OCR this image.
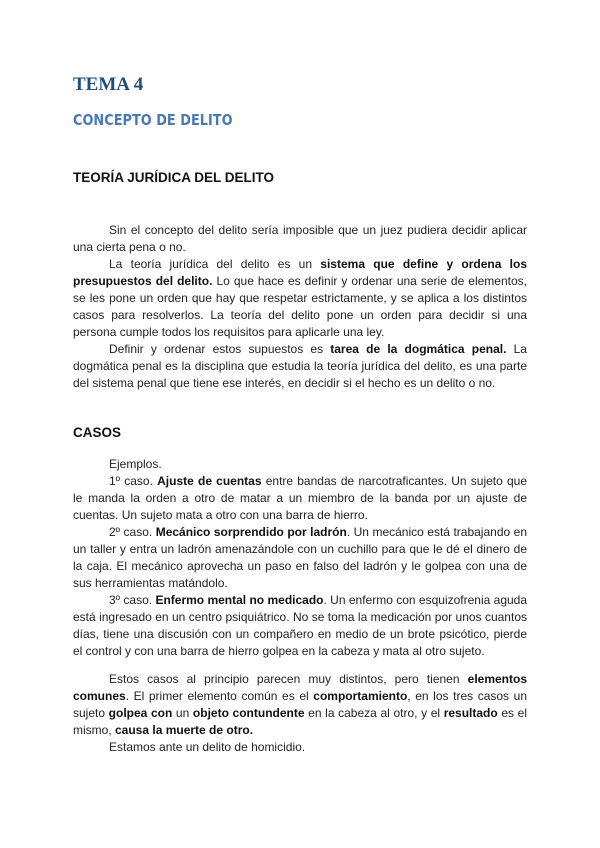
TEMA 4
CONCEPTO DE DELITO
TEORÍA JURÍDICA DEL DELITO

Sin el concepto del delito sería imposible que un juez pudiera decidir aplicar una cierta pena o no.

La teoría jurídica del delito es un sistema que define y ordena los presupuestos del delito. Lo que hace es definir y ordenar una serie de elementos, se les pone un orden que hay que respetar estrictamente, y se aplica a los distintos casos para resolverlos. La teoría del delito pone un orden para decidir si una persona cumple todos los requisitos para aplicarle una ley.

Definir y ordenar estos supuestos es tarea de la dogmática penal. La dogmática penal es la disciplina que estudia la teoría jurídica del delito, es una parte del sistema penal que tiene ese interés, en decidir si el hecho es un delito o no.

CASOS

Ejemplos.

1º caso. Ajuste de cuentas entre bandas de narcotraficantes. Un sujeto que le manda la orden a otro de matar a un miembro de la banda por un ajuste de cuentas. Un sujeto mata a otro con una barra de hierro.

2º caso. Mecánico sorprendido por ladrón. Un mecánico está trabajando en un taller y entra un ladrón amenazándole con un cuchillo para que le dé el dinero de la caja. El mecánico aprovecha un paso en falso del ladrón y le golpea con una de sus herramientas matándolo.

3º caso. Enfermo mental no medicado. Un enfermo con esquizofrenia aguda está ingresado en un centro psiquiátrico. No se toma la medicación por unos cuantos días, tiene una discusión con un compañero en medio de un brote psicótico, pierde el control y con una barra de hierro golpea en la cabeza y mata al otro sujeto.

Estos casos al principio parecen muy distintos, pero tienen elementos comunes. El primer elemento común es el comportamiento, en los tres casos un sujeto golpea con un objeto contundente en la cabeza al otro, y el resultado es el mismo, causa la muerte de otro.

Estamos ante un delito de homicidio.
